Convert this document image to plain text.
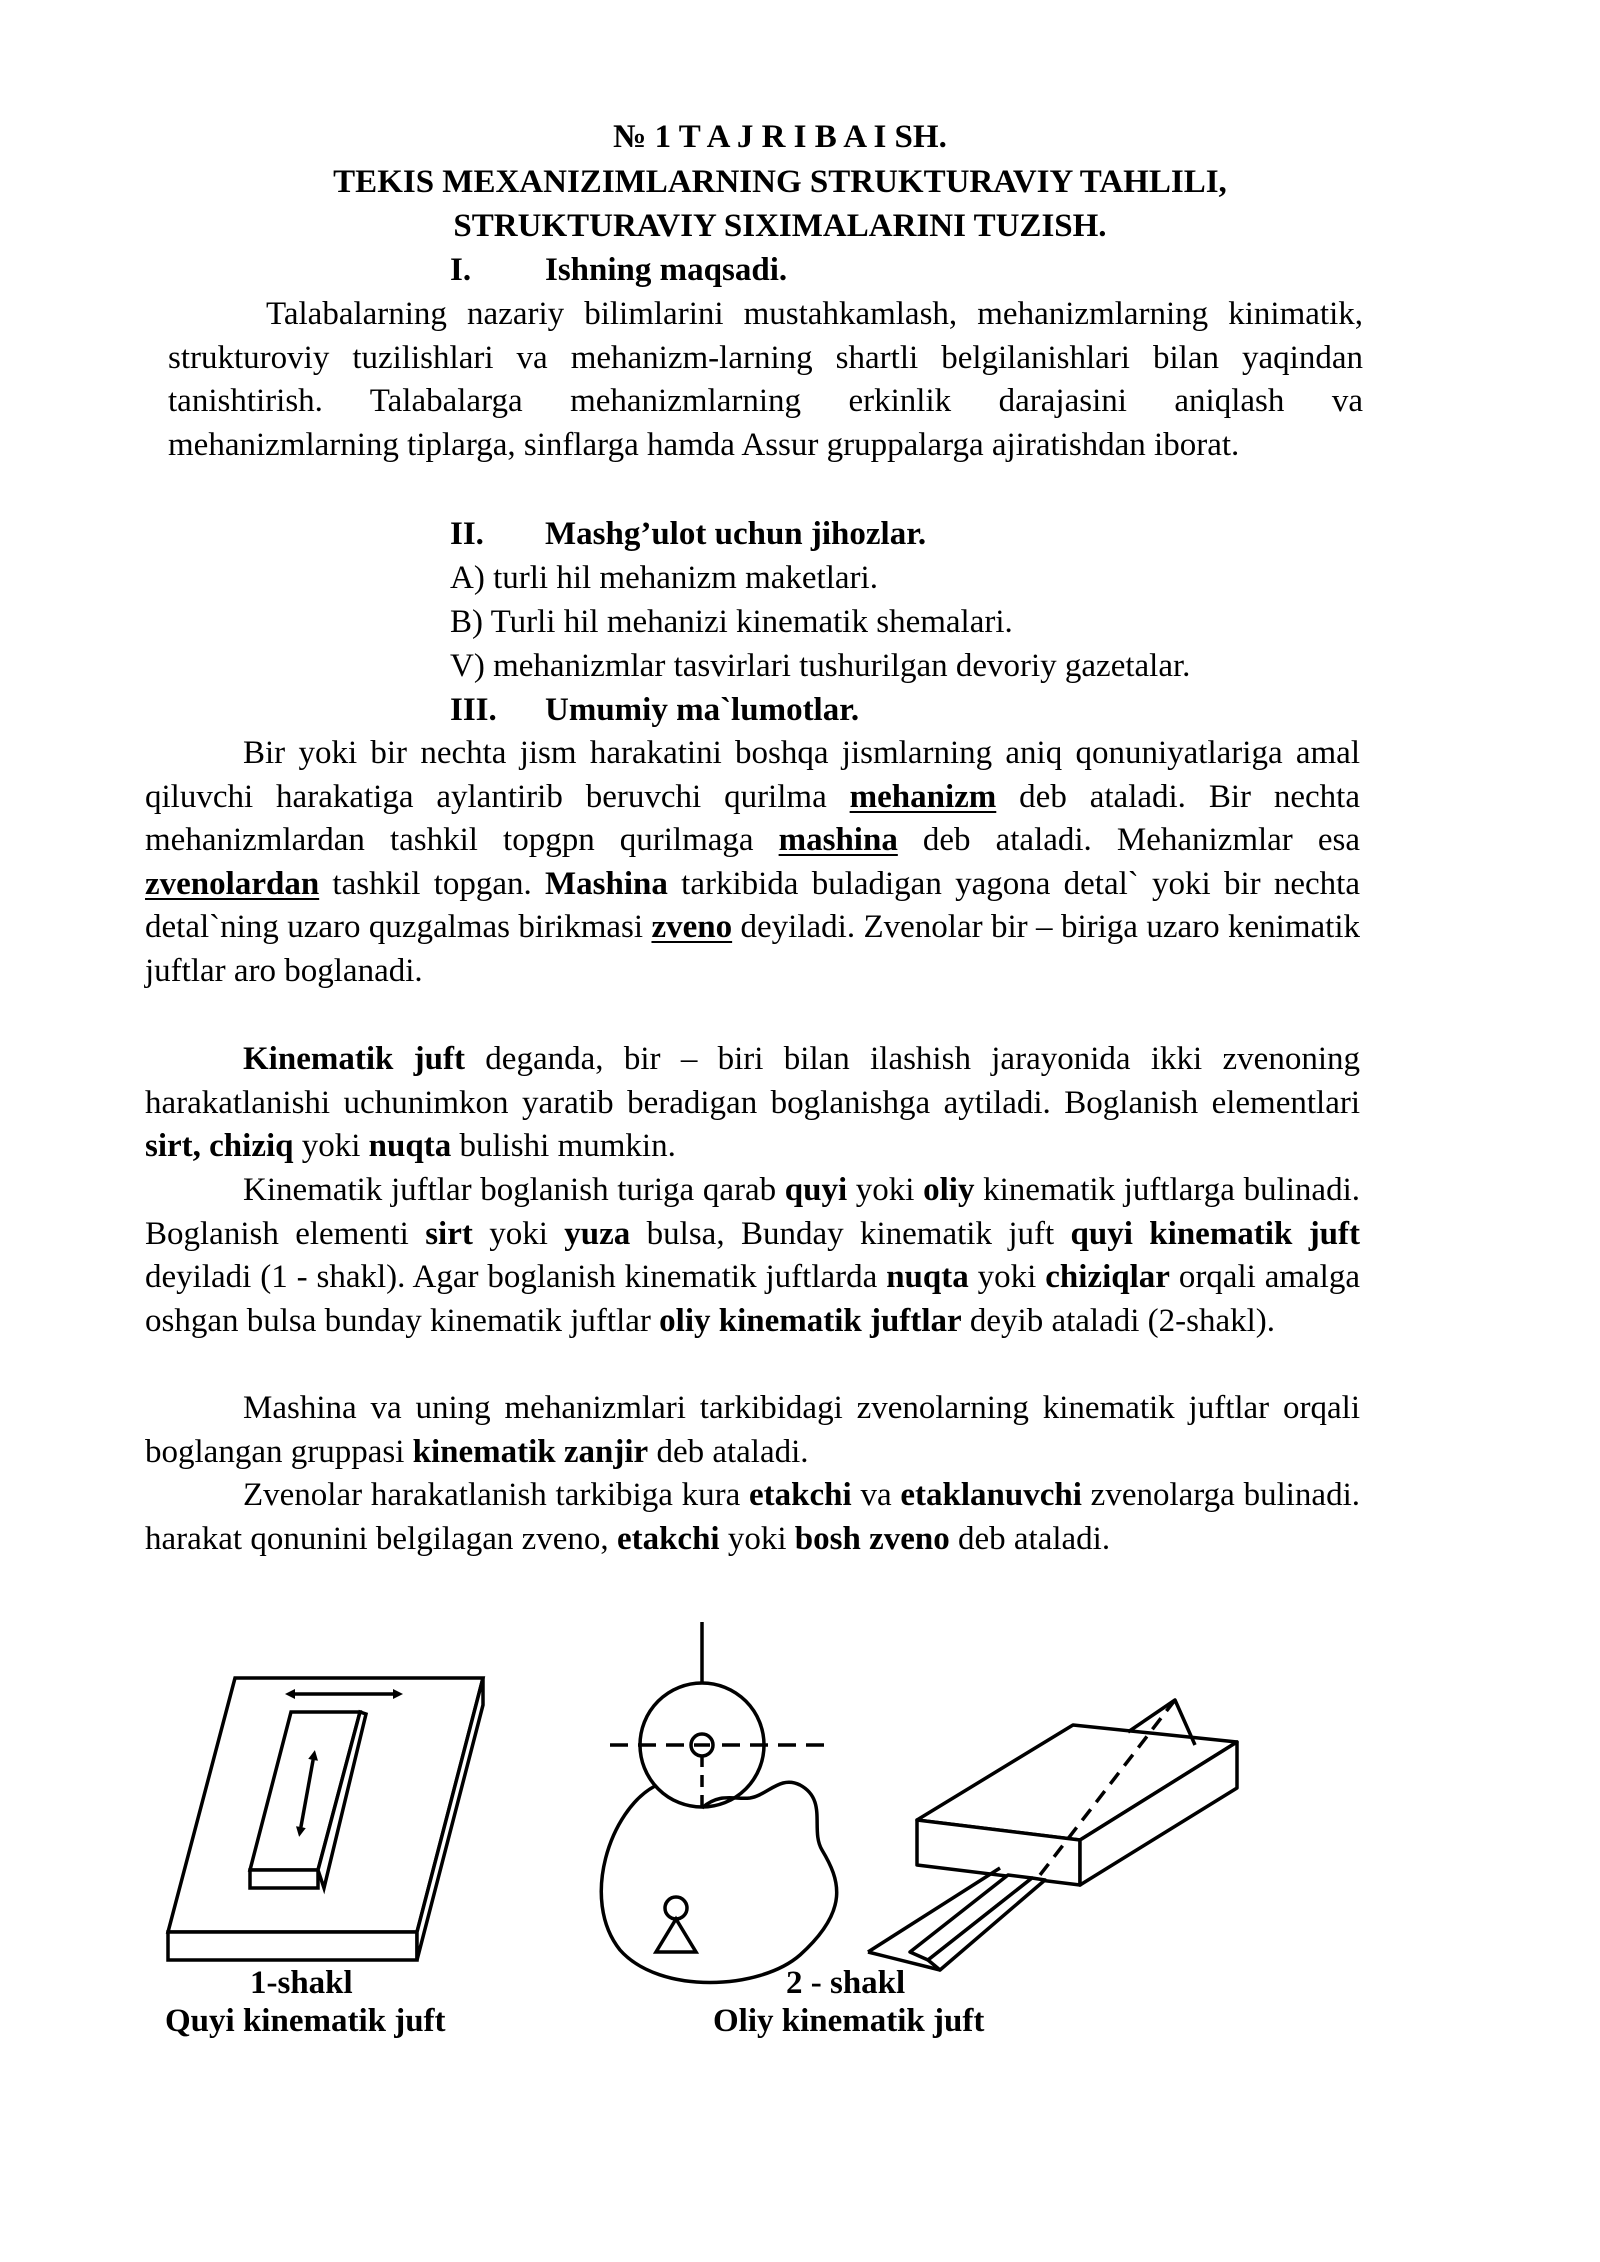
№ 1 T A J R I B A I SH.
TEKIS MEXANIZIMLARNING STRUKTURAVIY TAHLILI,
STRUKTURAVIY SIXIMALARINI TUZISH.
I. Ishning maqsadi.
Talabalarning nazariy bilimlarini mustahkamlash, mehanizmlarning kinimatik, strukturoviy tuzilishlari va mehanizm-larning shartli belgilanishlari bilan yaqindan tanishtirish. Talabalarga mehanizmlarning erkinlik darajasini aniqlash va mehanizmlarning tiplarga, sinflarga hamda Assur gruppalarga ajiratishdan iborat.
II. Mashg’ulot uchun jihozlar.
A) turli hil mehanizm maketlari.
B) Turli hil mehanizi kinematik shemalari.
V) mehanizmlar tasvirlari tushurilgan devoriy gazetalar.
III. Umumiy ma`lumotlar.
Bir yoki bir nechta jism harakatini boshqa jismlarning aniq qonuniyatlariga amal qiluvchi harakatiga aylantirib beruvchi qurilma mehanizm deb ataladi. Bir nechta mehanizmlardan tashkil topgpn qurilmaga mashina deb ataladi. Mehanizmlar esa zvenolardan tashkil topgan. Mashina tarkibida buladigan yagona detal` yoki bir nechta detal`ning uzaro quzgalmas birikmasi zveno deyiladi. Zvenolar bir – biriga uzaro kenimatik juftlar aro boglanadi.
Kinematik juft deganda, bir – biri bilan ilashish jarayonida ikki zvenoning harakatlanishi uchunimkon yaratib beradigan boglanishga aytiladi. Boglanish elementlari sirt, chiziq yoki nuqta bulishi mumkin.
Kinematik juftlar boglanish turiga qarab quyi yoki oliy kinematik juftlarga bulinadi. Boglanish elementi sirt yoki yuza bulsa, Bunday kinematik juft quyi kinematik juft deyiladi (1 - shakl). Agar boglanish kinematik juftlarda nuqta yoki chiziqlar orqali amalga oshgan bulsa bunday kinematik juftlar oliy kinematik juftlar deyib ataladi (2-shakl).
Mashina va uning mehanizmlari tarkibidagi zvenolarning kinematik juftlar orqali boglangan gruppasi kinematik zanjir deb ataladi.
Zvenolar harakatlanish tarkibiga kura etakchi va etaklanuvchi zvenolarga bulinadi. harakat qonunini belgilagan zveno, etakchi yoki bosh zveno deb ataladi.
1-shakl
Quyi kinematik juft
2 - shakl
Oliy kinematik juft
